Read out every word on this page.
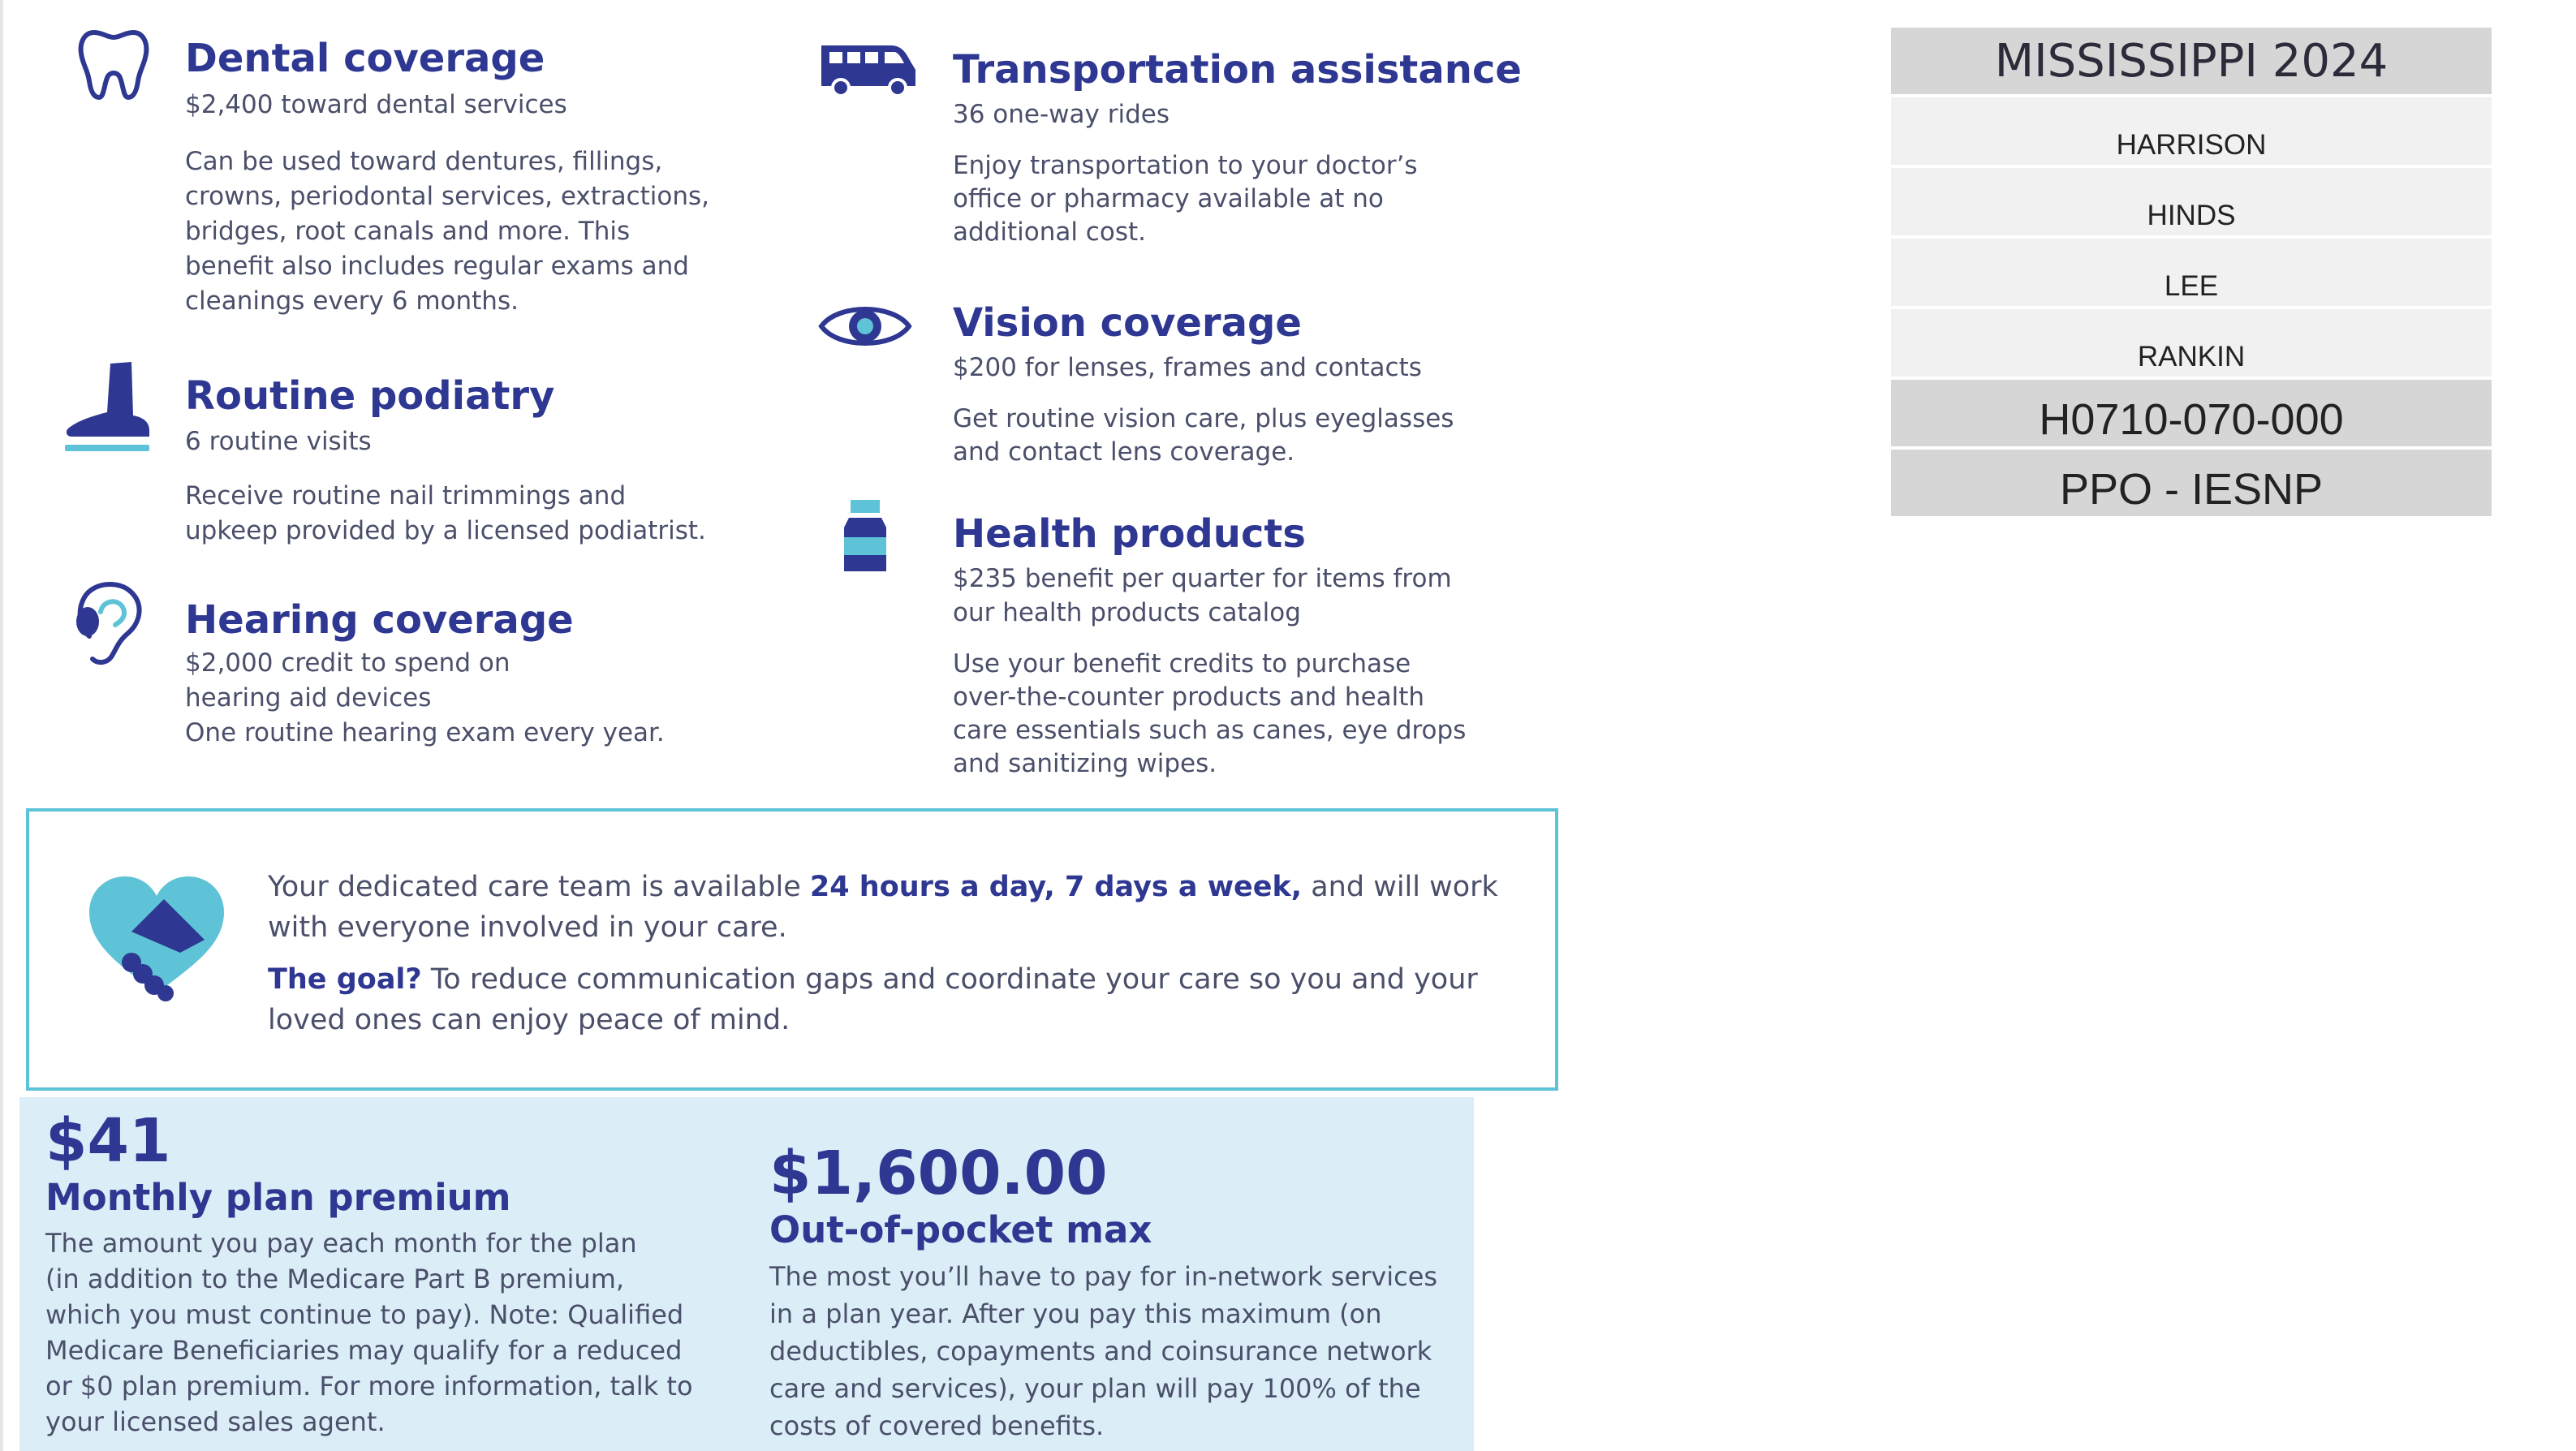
Dental coverage
$2,400 toward dental services
Can be used toward dentures, fillings,
crowns, periodontal services, extractions,
bridges, root canals and more. This
benefit also includes regular exams and
cleanings every 6 months.
Routine podiatry
6 routine visits
Receive routine nail trimmings and
upkeep provided by a licensed podiatrist.
Hearing coverage
$2,000 credit to spend on
hearing aid devices
One routine hearing exam every year.
Transportation assistance
36 one-way rides
Enjoy transportation to your doctor’s
office or pharmacy available at no
additional cost.
Vision coverage
$200 for lenses, frames and contacts
Get routine vision care, plus eyeglasses
and contact lens coverage.
Health products
$235 benefit per quarter for items from
our health products catalog
Use your benefit credits to purchase
over-the-counter products and health
care essentials such as canes, eye drops
and sanitizing wipes.

Your dedicated care team is available 24 hours a day, 7 days a week, and will work with everyone involved in your care.

The goal? To reduce communication gaps and coordinate your care so you and your loved ones can enjoy peace of mind.

$41
Monthly plan premium
The amount you pay each month for the plan
(in addition to the Medicare Part B premium,
which you must continue to pay). Note: Qualified
Medicare Beneficiaries may qualify for a reduced
or $0 plan premium. For more information, talk to
your licensed sales agent.
$1,600.00
Out-of-pocket max
The most you’ll have to pay for in-network services
in a plan year. After you pay this maximum (on
deductibles, copayments and coinsurance network
care and services), your plan will pay 100% of the
costs of covered benefits.
MISSISSIPPI 2024
HARRISON
HINDS
LEE
RANKIN
H0710-070-000
PPO - IESNP
